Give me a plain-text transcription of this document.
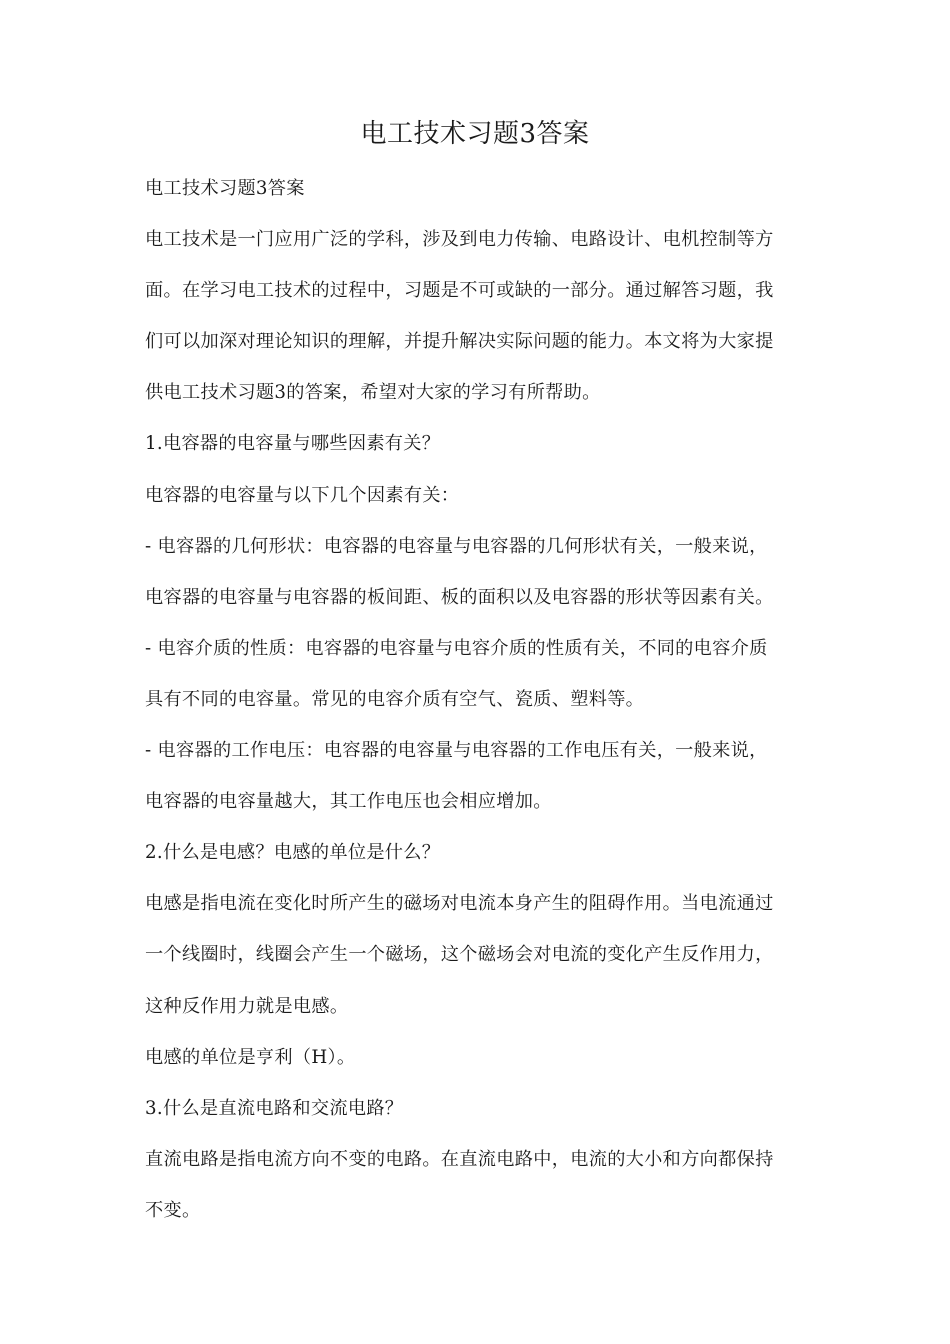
电工技术习题3答案
电工技术习题3答案
电工技术是一门应用广泛的学科，涉及到电力传输、电路设计、电机控制等方
面。在学习电工技术的过程中，习题是不可或缺的一部分。通过解答习题，我
们可以加深对理论知识的理解，并提升解决实际问题的能力。本文将为大家提
供电工技术习题3的答案，希望对大家的学习有所帮助。
1.电容器的电容量与哪些因素有关？
电容器的电容量与以下几个因素有关：
- 电容器的几何形状：电容器的电容量与电容器的几何形状有关，一般来说，
电容器的电容量与电容器的板间距、板的面积以及电容器的形状等因素有关。
- 电容介质的性质：电容器的电容量与电容介质的性质有关，不同的电容介质
具有不同的电容量。常见的电容介质有空气、瓷质、塑料等。
- 电容器的工作电压：电容器的电容量与电容器的工作电压有关，一般来说，
电容器的电容量越大，其工作电压也会相应增加。
2.什么是电感？电感的单位是什么？
电感是指电流在变化时所产生的磁场对电流本身产生的阻碍作用。当电流通过
一个线圈时，线圈会产生一个磁场，这个磁场会对电流的变化产生反作用力，
这种反作用力就是电感。
电感的单位是亨利（H）。
3.什么是直流电路和交流电路？
直流电路是指电流方向不变的电路。在直流电路中，电流的大小和方向都保持
不变。
